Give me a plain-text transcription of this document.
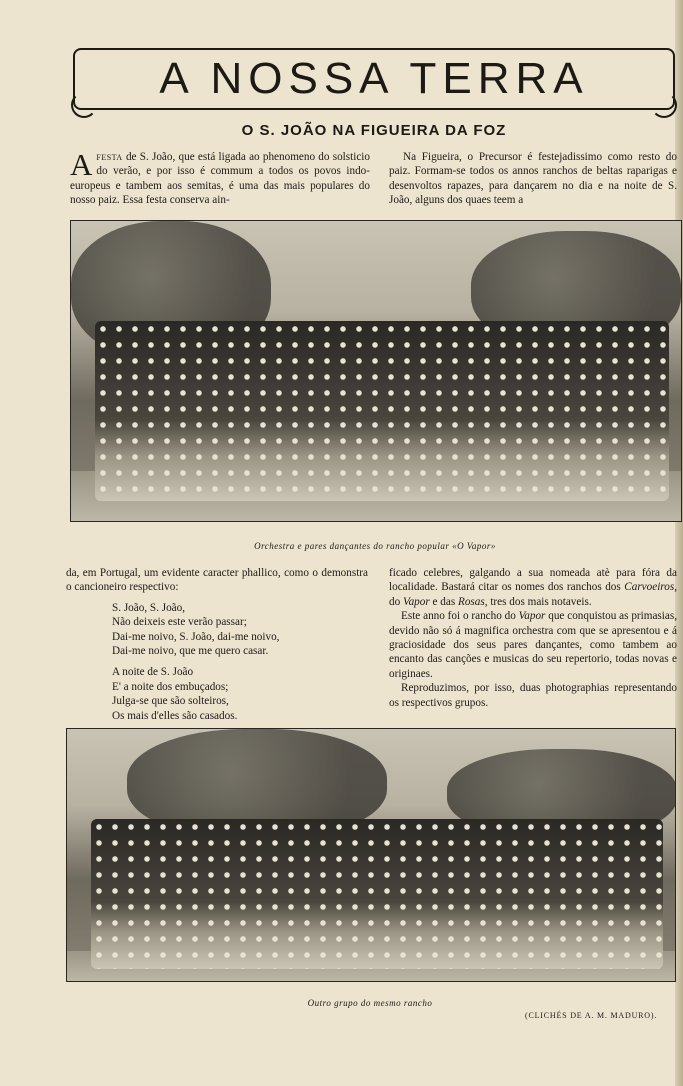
A NOSSA TERRA
O S. JOÃO NA FIGUEIRA DA FOZ

A festa de S. João, que está ligada ao phenomeno do solsticio do verão, e por isso é commum a todos os povos indo-europeus e tambem aos semitas, é uma das mais populares do nosso paiz. Essa festa conserva ain-

Na Figueira, o Precursor é festejadissimo como resto do paiz. Formam-se todos os annos ranchos de beltas raparigas e desenvoltos rapazes, para dançarem no dia e na noite de S. João, alguns dos quaes teem a

Orchestra e pares dançantes do rancho popular «O Vapor»

da, em Portugal, um evidente caracter phallico, como o demonstra o cancioneiro respectivo:

S. João, S. João,
Não deixeis este verão passar;
Dai-me noivo, S. João, dai-me noivo,
Dai-me noivo, que me quero casar.
A noite de S. João
E' a noite dos embuçados;
Julga-se que são solteiros,
Os mais d'elles são casados.

ficado celebres, galgando a sua nomeada atè para fóra da localidade. Bastará citar os nomes dos ranchos dos Carvoeiros, do Vapor e das Rosas, tres dos mais notaveis.

Este anno foi o rancho do Vapor que conquistou as primasias, devido não só á magnifica orchestra com que se apresentou e á graciosidade dos seus pares dançantes, como tambem ao encanto das canções e musicas do seu repertorio, todas novas e originaes.

Reproduzimos, por isso, duas photographias representando os respectivos grupos.

Outro grupo do mesmo rancho
(CLICHÉS DE A. M. MADURO).
